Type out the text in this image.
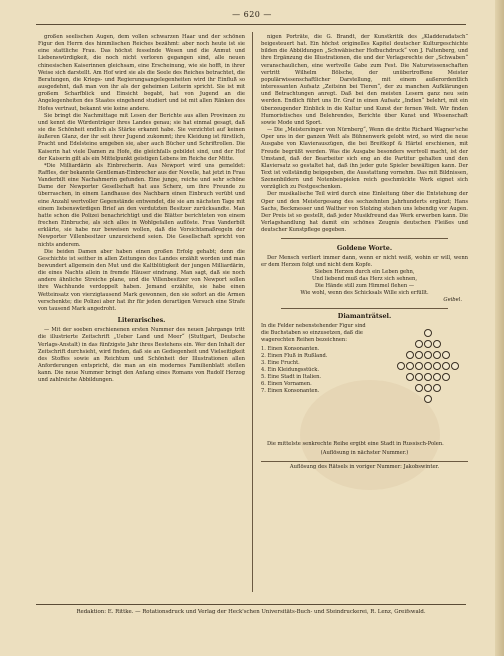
— 620 —

großen seelischen Augen, dem vollen schwarzen Haar und der schönen Figur den Herrn des himmlischen Reiches bezähmt: aber noch heute ist sie eine stattliche Frau. Das höchst fesselnde Wesen und die Anmut und Liebenswürdigkeit, die noch nicht verloren gegangen sind, alle neuen chinesischen Kaiserinnen gleichsam, eine Erscheinung, wie sie hofft, in ihrer Weise sich darstellt. Am Hof wird sie als die Seele des Reiches betrachtet, die Beratungen, die Kriegs- und Regierungsangelegenheiten wird ihr Einfluß so ausgedehnt, daß man von ihr als der geheimen Leiterin spricht. Sie ist mit großem Scharfblick und Einsicht begabt, hat von Jugend an die Angelegenheiten des Staates eingehend studiert und ist mit allen Ränken des Hofes vertraut, bekannt wie keine andere.

Sie bringt die Nachmittage mit Lesen der Berichte aus allen Provinzen zu und kennt die Würdenträger ihres Landes genau; sie hat einmal gesagt, daß sie die Schönheit endlich als Stärke erkannt habe. Sie verzichtet auf keinen äußeren Glanz, der ihr seit ihrer Jugend zukommt; ihre Kleidung ist fürstlich, Pracht und Edelsteine umgeben sie, aber auch Bücher und Schriftrollen. Die Kaiserin hat viele Damen zu Hofe, die gleichfalls gebildet sind, und der Hof der Kaiserin gilt als ein Mittelpunkt geistigen Lebens im Reiche der Mitte.

*Die Milliardärin als Einbrecherin. Aus Newport wird uns gemeldet: Raffles, der bekannte Gentleman-Einbrecher aus der Novelle, hat jetzt in Frau Vanderbilt eine Nachahmerin gefunden. Eine junge, reiche und sehr schöne Dame der Newporter Gesellschaft hat aus Scherz, um ihre Freunde zu überraschen, in einem Landhause des Nachbarn einen Einbruch verübt und eine Anzahl wertvoller Gegenstände entwendet, die sie am nächsten Tage mit einem liebenswürdigen Brief an den verdutzten Besitzer zurücksandte. Man hatte schon die Polizei benachrichtigt und die Blätter berichteten von einem frechen Einbruche, als sich alles in Wohlgefallen auflöste. Frau Vanderbilt erklärte, sie habe nur beweisen wollen, daß die Vorsichtsmaßregeln der Newporter Villenbesitzer unzureichend seien. Die Gesellschaft spricht von nichts anderem.

Die beiden Damen aber haben einen großen Erfolg gehabt; denn die Geschichte ist seither in allen Zeitungen des Landes erzählt worden und man bewundert allgemein den Mut und die Kaltblütigkeit der jungen Milliardärin, die eines Nachts allein in fremde Häuser eindrang. Man sagt, daß sie noch andere ähnliche Streiche plane, und die Villenbesitzer von Newport sollen ihre Wachhunde verdoppelt haben. Jemand erzählte, sie habe einen Wetteinsatz von vierzigtausend Mark gewonnen, den sie sofort an die Armen verschenkte; die Polizei aber hat ihr für jeden derartigen Versuch eine Strafe von tausend Mark angedroht.

Literarisches.

— Mit der soeben erschienenen ersten Nummer des neuen Jahrgangs tritt die illustrierte Zeitschrift „Ueber Land und Meer“ (Stuttgart, Deutsche Verlags-Anstalt) in das fünfzigste Jahr ihres Bestehens ein. Wer den Inhalt der Zeitschrift durchsieht, wird finden, daß sie an Gediegenheit und Vielseitigkeit des Stoffes sowie an Reichtum und Schönheit der Illustrationen allen Anforderungen entspricht, die man an ein modernes Familienblatt stellen kann. Die neue Nummer bringt den Anfang eines Romans von Rudolf Herzog und zahlreiche Abbildungen.

nigen Porträte, die G. Brandt, der Kunstkritik des „Kladderadatsch“ beigesteuert hat. Ein höchst originelles Kapitel deutscher Kulturgeschichte bilden die Abbildungen „Schwäbischer Hofbuchdruck“ von J. Faltenberg, und ihre Ergänzung die Illustrationen, die und der Verlagsrechte der „Schwaben“ veranschaulichen, eine wertvolle Gabe zum Fest. Die Naturwissenschaften vertritt Wilhelm Bölsche, der unübertroffene Meister populärwissenschaftlicher Darstellung, mit einem außerordentlich interessanten Aufsatz „Zeitsinn bei Tieren“, der zu manchen Aufklärungen und Betrachtungen anregt. Daß bei den meisten Lesern ganz neu sein werden. Endlich führt uns Dr. Graf in einen Aufsatz „Indien“ belehrt, mit ein überzeugender Einblick in die Kultur und Kunst der fernen Welt. Wir finden Humoristisches und Belehrendes, Berichte über Kunst und Wissenschaft sowie Mode und Sport.

— Die „Meistersinger von Nürnberg“, Wenn die dritte Richard Wagner'sche Oper uns in der ganzen Welt als Bühnenwerk gelobt wird, so wird die neue Ausgabe von Klavierauszügen, die bei Breitkopf & Härtel erschienen, mit Freude begrüßt werden. Was die Ausgabe besonders wertvoll macht, ist der Umstand, daß der Bearbeiter sich eng an die Partitur gehalten und den Klaviersatz so gestaltet hat, daß ihn jeder gute Spieler bewältigen kann. Der Text ist vollständig beigegeben, die Ausstattung vornehm. Das mit Bildnissen, Szenenbildern und Notenbeispielen reich geschmückte Werk eignet sich vorzüglich zu Festgeschenken.

Der musikalische Teil wird durch eine Einleitung über die Entstehung der Oper und den Meistergesang des sechzehnten Jahrhunderts ergänzt; Hans Sachs, Beckmesser und Walther von Stolzing stehen uns lebendig vor Augen. Der Preis ist so gestellt, daß jeder Musikfreund das Werk erwerben kann. Die Verlagshandlung hat damit ein schönes Zeugnis deutschen Fleißes und deutscher Kunstpflege gegeben.

Goldene Worte.

Der Mensch verliert immer dann, wenn er nicht weiß, wohin er will, wenn er dem Herzen folgt und nicht dem Kopfe.

Sieben Herzen durch ein Leben gehn,
Und liebend muß das Herz sich sehnen,
Die Hände still zum Himmel flehen —
Wie wohl, wenn des Schicksals Wille sich erfüllt.
Geibel.
Diamanträtsel.
In die Felder nebenstehender Figur sind die Buchstaben so einzusetzen, daß die wagerechten Reihen bezeichnen:
1. Einen Konsonanten.
2. Einen Fluß in Rußland.
3. Eine Frucht.
4. Ein Kleidungsstück.
5. Eine Stadt in Italien.
6. Einen Vornamen.
7. Einen Konsonanten.

Die mittelste senkrechte Reihe ergibt eine Stadt in Russisch-Polen.

(Auflösung in nächster Nummer.)
Auflösung des Rätsels in voriger Nummer: Jakobswinter.
Redaktion: E. Rittke. — Rotationsdruck und Verlag der Heck'schen Universitäts-Buch- und Steindruckerei, R. Lenz, Greifswald.
